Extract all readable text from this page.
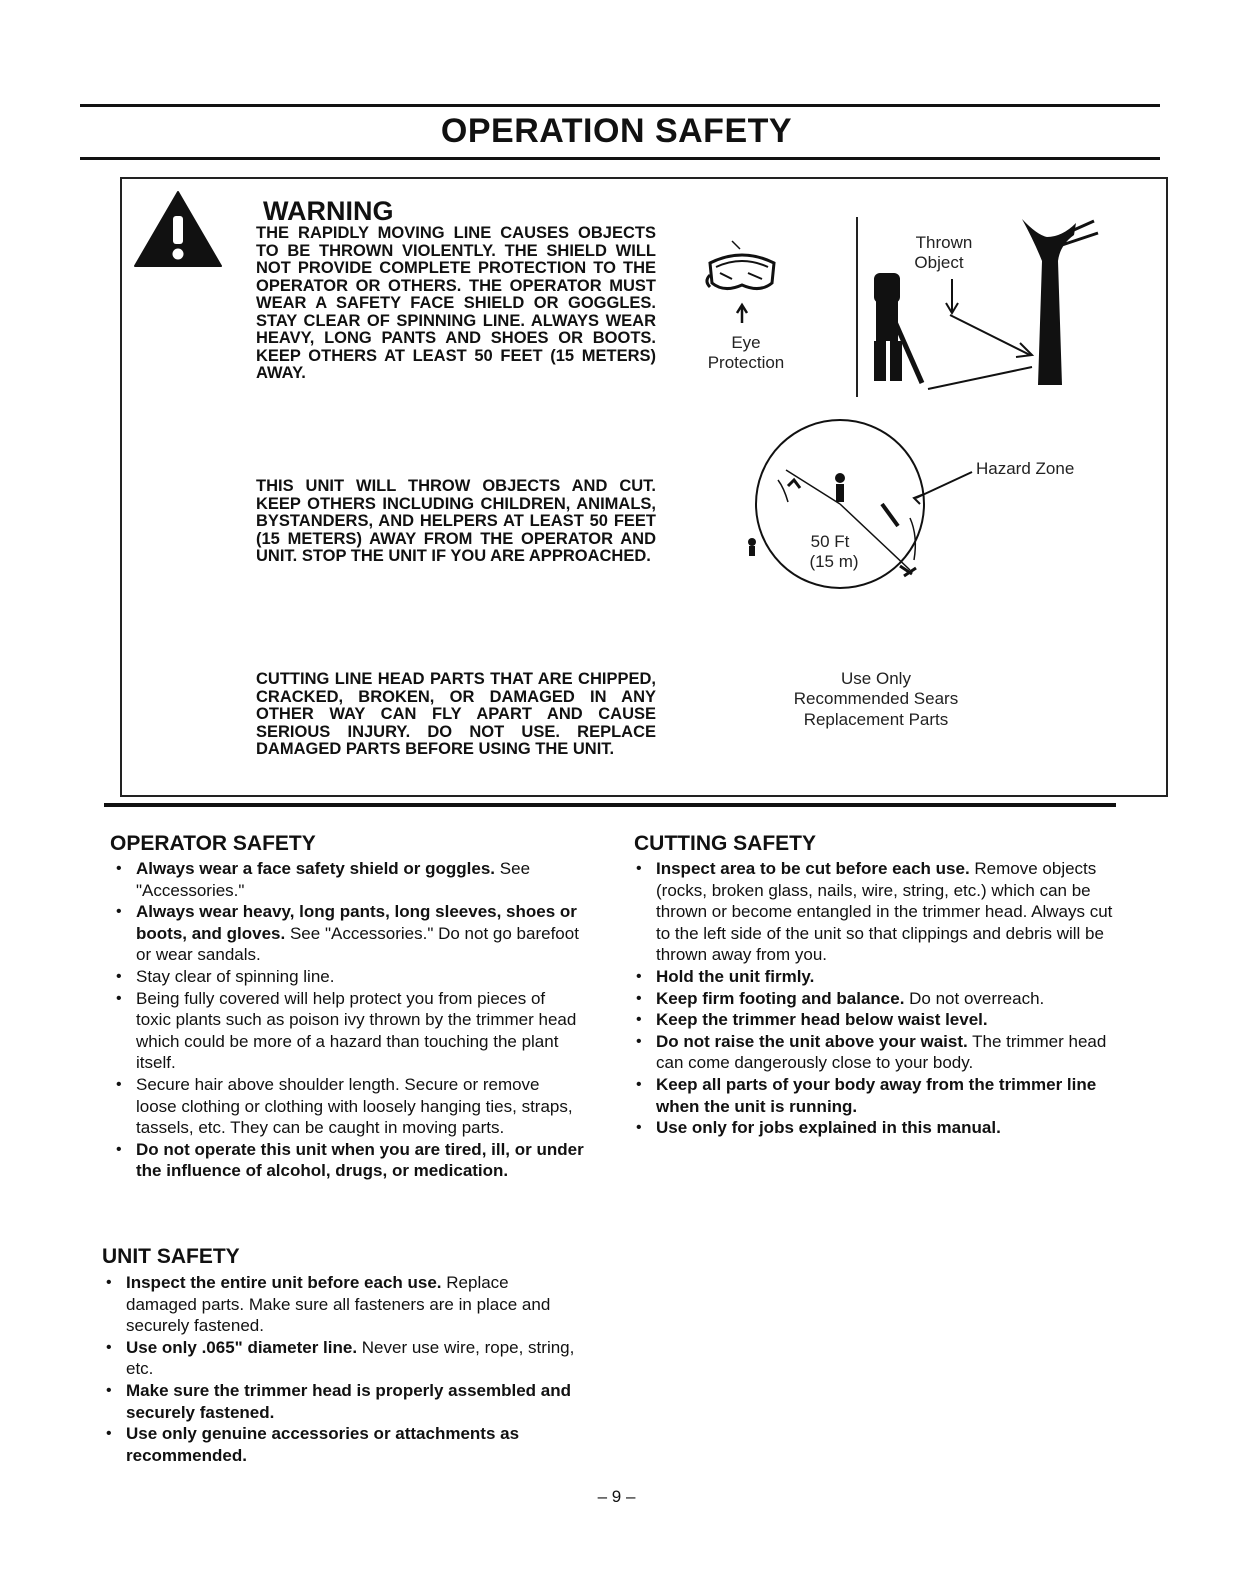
OPERATION SAFETY
WARNING
THE RAPIDLY MOVING LINE CAUSES OBJECTS TO BE THROWN VIOLENTLY. THE SHIELD WILL NOT PROVIDE COMPLETE PROTECTION TO THE OPERATOR OR OTHERS. THE OPERATOR MUST WEAR A SAFETY FACE SHIELD OR GOGGLES. STAY CLEAR OF SPINNING LINE. ALWAYS WEAR HEAVY, LONG PANTS AND SHOES OR BOOTS. KEEP OTHERS AT LEAST 50 FEET (15 METERS) AWAY.
THIS UNIT WILL THROW OBJECTS AND CUT. KEEP OTHERS INCLUDING CHILDREN, ANIMALS, BYSTANDERS, AND HELPERS AT LEAST 50 FEET (15 METERS) AWAY FROM THE OPERATOR AND UNIT. STOP THE UNIT IF YOU ARE APPROACHED.
CUTTING LINE HEAD PARTS THAT ARE CHIPPED, CRACKED, BROKEN, OR DAMAGED IN ANY OTHER WAY CAN FLY APART AND CAUSE SERIOUS INJURY. DO NOT USE. REPLACE DAMAGED PARTS BEFORE USING THE UNIT.
Eye
Protection
Thrown
Object
Hazard Zone
50 Ft
(15 m)
Use Only
Recommended Sears
Replacement Parts
OPERATOR SAFETY
• Always wear a face safety shield or goggles. See "Accessories."
• Always wear heavy, long pants, long sleeves, shoes or boots, and gloves. See "Accessories." Do not go barefoot or wear sandals.
• Stay clear of spinning line.
• Being fully covered will help protect you from pieces of toxic plants such as poison ivy thrown by the trimmer head which could be more of a hazard than touching the plant itself.
• Secure hair above shoulder length. Secure or remove loose clothing or clothing with loosely hanging ties, straps, tassels, etc. They can be caught in moving parts.
• Do not operate this unit when you are tired, ill, or under the influence of alcohol, drugs, or medication.
UNIT SAFETY
• Inspect the entire unit before each use. Replace damaged parts. Make sure all fasteners are in place and securely fastened.
• Use only .065" diameter line. Never use wire, rope, string, etc.
• Make sure the trimmer head is properly assembled and securely fastened.
• Use only genuine accessories or attachments as recommended.
CUTTING SAFETY
• Inspect area to be cut before each use. Remove objects (rocks, broken glass, nails, wire, string, etc.) which can be thrown or become entangled in the trimmer head. Always cut to the left side of the unit so that clippings and debris will be thrown away from you.
• Hold the unit firmly.
• Keep firm footing and balance. Do not overreach.
• Keep the trimmer head below waist level.
• Do not raise the unit above your waist. The trimmer head can come dangerously close to your body.
• Keep all parts of your body away from the trimmer line when the unit is running.
• Use only for jobs explained in this manual.
– 9 –
